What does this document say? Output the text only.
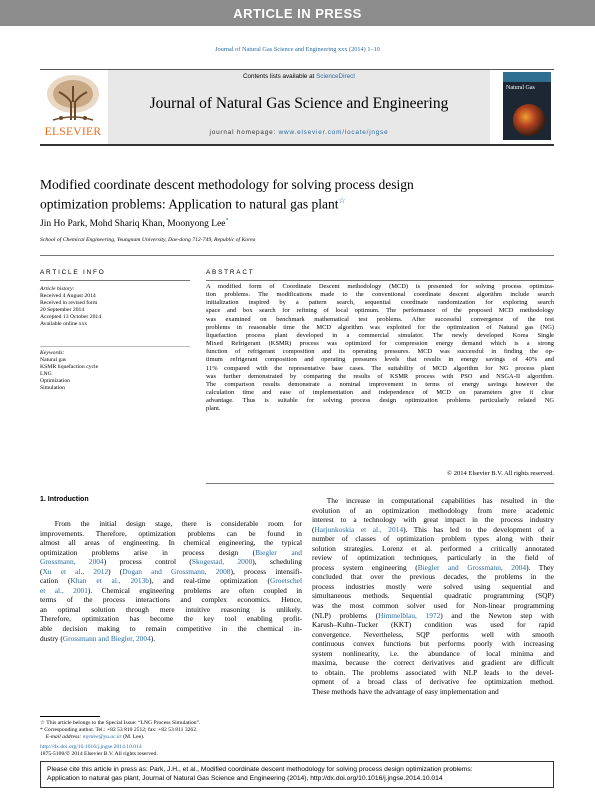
ARTICLE IN PRESS
Journal of Natural Gas Science and Engineering xxx (2014) 1–10
ELSEVIER
Contents lists available at ScienceDirect
Journal of Natural Gas Science and Engineering
journal homepage: www.elsevier.com/locate/jngse
Natural Gas
Modified coordinate descent methodology for solving process design
optimization problems: Application to natural gas plant☆
Jin Ho Park, Mohd Shariq Khan, Moonyong Lee*
School of Chemical Engineering, Yeungnam University, Dae-dong 712-749, Republic of Korea
ARTICLE INFO
Article history:
Received 4 August 2014
Received in revised form
20 September 2014
Accepted 13 October 2014
Available online xxx
Keywords:
Natural gas
KSMR liquefaction cycle
LNG
Optimization
Simulation
ABSTRACT
A modified form of Coordinate Descent methodology (MCD) is presented for solving process optimiza-
tion problems. The modifications made to the conventional coordinate descent algorithm include search
initialization inspired by a pattern search, sequential coordinate randomization for exploring search
space and box search for refining of local optimum. The performance of the proposed MCD methodology
was examined on benchmark mathematical test problems. After successful convergence of the test
problems in reasonable time the MCD algorithm was exploited for the optimization of Natural gas (NG)
liquefaction process plant developed in a commercial simulator. The newly developed Korea Single
Mixed Refrigerant (KSMR) process was optimized for compression energy demand which is a strong
function of refrigerant composition and its operating pressures. MCD was successful in finding the op-
timum refrigerant composition and operating pressures levels that results in energy savings of 40% and
11% compared with the representative base cases. The suitability of MCD algorithm for NG process plant
was further demonstrated by comparing the results of KSMR process with PSO and NSGA-II algorithm.
The comparison results demonstrate a nominal improvement in terms of energy savings however the
calculation time and ease of implementation and independence of MCD on parameters give it clear
advantage. Thus is suitable for solving process design optimization problems particularly related NG
plant.
© 2014 Elsevier B.V. All rights reserved.
1. Introduction
  From the initial design stage, there is considerable room for
improvements. Therefore, optimization problems can be found in
almost all areas of engineering. In chemical engineering, the typical
optimization problems arise in process design (Biegler and
Grossmann, 2004) process control (Skogestad, 2000), scheduling
(Xu et al., 2012) (Dogan and Grossmann, 2008), process intensifi-
cation (Khan et al., 2013b), and real-time optimization (Groetschel
et al., 2001). Chemical engineering problems are often coupled in
terms of the process interactions and complex economics. Hence,
an optimal solution through mere intuitive reasoning is unlikely.
Therefore, optimization has become the key tool enabling profit-
able decision making to remain competitive in the chemical in-
dustry (Grossmann and Biegler, 2004).
  The increase in computational capabilities has resulted in the
evolution of an optimization methodology from mere academic
interest to a technology with great impact in the process industry
(Harjunkoskia et al., 2014). This has led to the development of a
number of classes of optimization problem types along with their
solution strategies. Lorenz et al. performed a critically annotated
review of optimization techniques, particularly in the field of
process system engineering (Biegler and Grossmann, 2004). They
concluded that over the previous decades, the problems in the
process industries mostly were solved using sequential and
simultaneous methods. Sequential quadratic programming (SQP)
was the most common solver used for Non-linear programming
(NLP) problems (Himmelblau, 1972) and the Newton step with
Karush–Kuhn–Tucker (KKT) condition was used for rapid
convergence. Nevertheless, SQP performs well with smooth
continuous convex functions but performs poorly with increasing
system nonlinearity, i.e. the abundance of local minima and
maxima, because the correct derivatives and gradient are difficult
to obtain. The problems associated with NLP leads to the devel-
opment of a broad class of derivative fee optimization method.
These methods have the advantage of easy implementation and
☆ This article belongs to the Special Issue: “LNG Process Simulation”.
* Corresponding author. Tel.: +82 53 810 2512; fax: +82 53 811 3262.
 E-mail address: mynlee@yu.ac.kr (M. Lee).
http://dx.doi.org/10.1016/j.jngse.2014.10.014
1875-5100/© 2014 Elsevier B.V. All rights reserved.
Please cite this article in press as: Park, J.H., et al., Modified coordinate descent methodology for solving process design optimization problems:
Application to natural gas plant, Journal of Natural Gas Science and Engineering (2014), http://dx.doi.org/10.1016/j.jngse.2014.10.014
